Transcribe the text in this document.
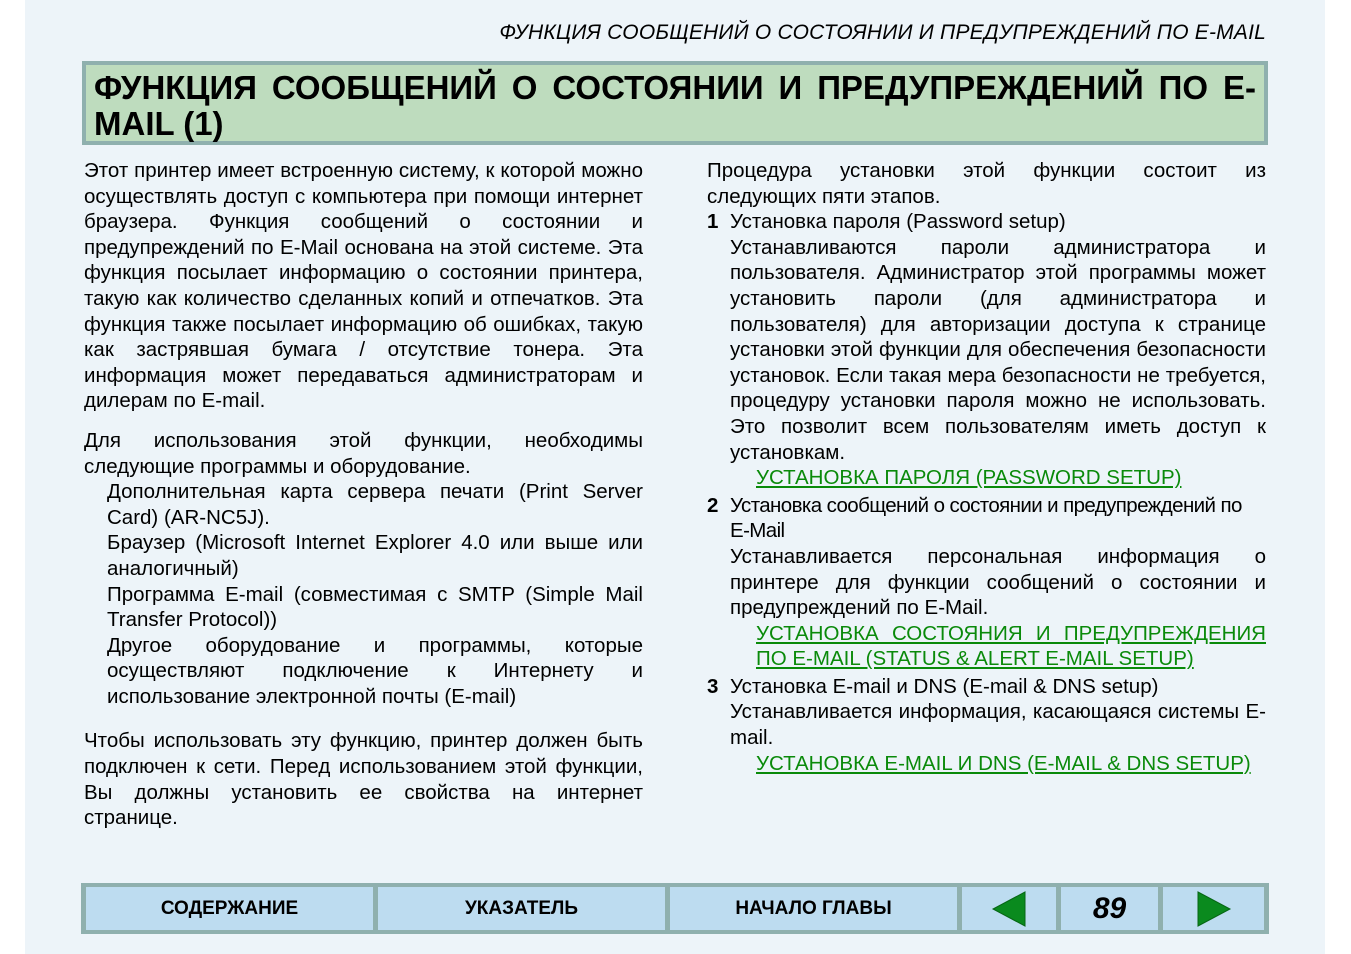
ФУНКЦИЯ СООБЩЕНИЙ О СОСТОЯНИИ И ПРЕДУПРЕЖДЕНИЙ ПО E-MAIL
ФУНКЦИЯ СООБЩЕНИЙ О СОСТОЯНИИ И ПРЕДУПРЕЖДЕНИЙ ПО E-MAIL (1)

Этот принтер имеет встроенную систему, к которой можно осуществлять доступ с компьютера при помощи интернет браузера. Функция сообщений о состоянии и предупреждений по E-Mail основана на этой системе. Эта функция посылает информацию о состоянии принтера, такую как количество сделанных копий и отпечатков. Эта функция также посылает информацию об ошибках, такую как застрявшая бумага / отсутствие тонера. Эта информация может передаваться администраторам и дилерам по E-mail.

Для использования этой функции, необходимы следующие программы и оборудование.

Дополнительная карта сервера печати (Print Server Card) (AR-NC5J).
Браузер (Microsoft Internet Explorer 4.0 или выше или аналогичный)
Программа E-mail (совместимая с SMTP (Simple Mail Transfer Protocol))
Другое оборудование и программы, которые осуществляют подключение к Интернету и использование электронной почты (E-mail)

Чтобы использовать эту функцию, принтер должен быть подключен к сети. Перед использованием этой функции, Вы должны установить ее свойства на интернет странице.

Процедура установки этой функции состоит из следующих пяти этапов.

1 Установка пароля (Password setup)
Устанавливаются пароли администратора и пользователя. Администратор этой программы может установить пароли (для администратора и пользователя) для авторизации доступа к странице установки этой функции для обеспечения безопасности установок. Если такая мера безопасности не требуется, процедуру установки пароля можно не использовать. Это позволит всем пользователям иметь доступ к установкам.
УСТАНОВКА ПАРОЛЯ (PASSWORD SETUP)
2 Установка сообщений о состоянии и предупреждений по E-Mail
Устанавливается персональная информация о принтере для функции сообщений о состоянии и предупреждений по E-Mail.
УСТАНОВКА СОСТОЯНИЯ И ПРЕДУПРЕЖДЕНИЯ ПО E-MAIL (STATUS & ALERT E-MAIL SETUP)
3 Установка E-mail и DNS (E-mail & DNS setup)
Устанавливается информация, касающаяся системы E-mail.
УСТАНОВКА E-MAIL И DNS (E-MAIL & DNS SETUP)
СОДЕРЖАНИЕ	УКАЗАТЕЛЬ	НАЧАЛО ГЛАВЫ	89
